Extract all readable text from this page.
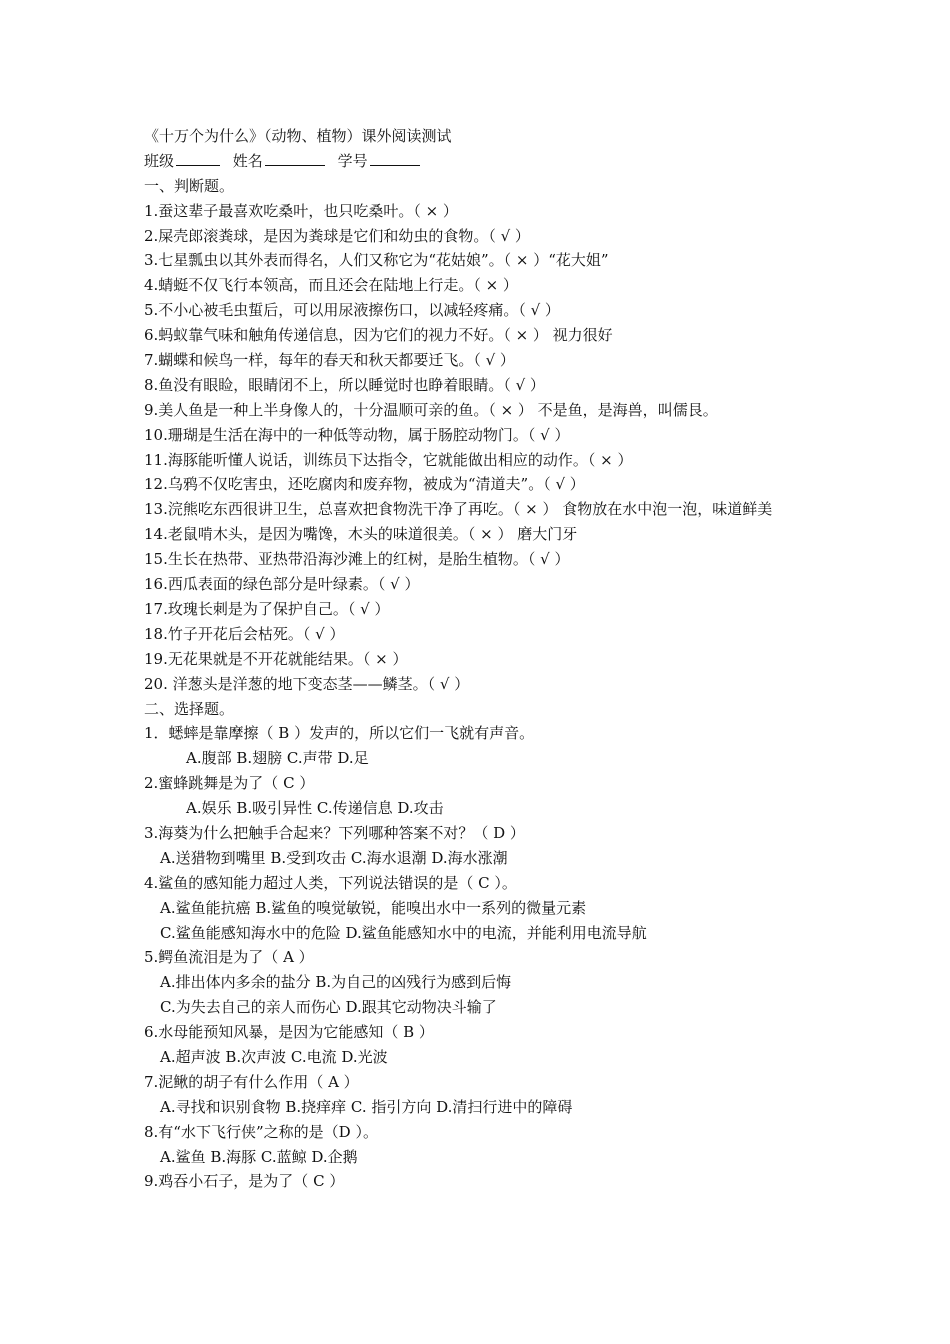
《十万个为什么》（动物、植物）课外阅读测试
班级	姓名	学号
一、判断题。
1.蚕这辈子最喜欢吃桑叶，也只吃桑叶。（ × ）
2.屎壳郎滚粪球，是因为粪球是它们和幼虫的食物。（ √ ）
3.七星瓢虫以其外表而得名，人们又称它为“花姑娘”。（ × ）“花大姐”
4.蜻蜓不仅飞行本领高，而且还会在陆地上行走。（ × ）
5.不小心被毛虫蜇后，可以用尿液擦伤口，以减轻疼痛。（ √ ）
6.蚂蚁靠气味和触角传递信息，因为它们的视力不好。（ × ） 视力很好
7.蝴蝶和候鸟一样，每年的春天和秋天都要迁飞。（ √ ）
8.鱼没有眼睑，眼睛闭不上，所以睡觉时也睁着眼睛。（ √ ）
9.美人鱼是一种上半身像人的，十分温顺可亲的鱼。（ × ） 不是鱼，是海兽，叫儒艮。
10.珊瑚是生活在海中的一种低等动物，属于肠腔动物门。（ √ ）
11.海豚能听懂人说话，训练员下达指令，它就能做出相应的动作。（ × ）
12.乌鸦不仅吃害虫，还吃腐肉和废弃物，被成为“清道夫”。（ √ ）
13.浣熊吃东西很讲卫生，总喜欢把食物洗干净了再吃。（ × ） 食物放在水中泡一泡，味道鲜美
14.老鼠啃木头，是因为嘴馋，木头的味道很美。（ × ） 磨大门牙
15.生长在热带、亚热带沿海沙滩上的红树，是胎生植物。（ √ ）
16.西瓜表面的绿色部分是叶绿素。（ √ ）
17.玫瑰长刺是为了保护自己。（ √ ）
18.竹子开花后会枯死。（ √ ）
19.无花果就是不开花就能结果。（ × ）
20. 洋葱头是洋葱的地下变态茎——鳞茎。（ √ ）
二、选择题。
1．蟋蟀是靠摩擦（ B ）发声的，所以它们一飞就有声音。
A.腹部 B.翅膀 C.声带 D.足
2.蜜蜂跳舞是为了（ C ）
A.娱乐 B.吸引异性 C.传递信息 D.攻击
3.海葵为什么把触手合起来？下列哪种答案不对？（ D ）
A.送猎物到嘴里 B.受到攻击 C.海水退潮 D.海水涨潮
4.鲨鱼的感知能力超过人类，下列说法错误的是（ C ）。
A.鲨鱼能抗癌 B.鲨鱼的嗅觉敏锐，能嗅出水中一系列的微量元素
C.鲨鱼能感知海水中的危险 D.鲨鱼能感知水中的电流，并能利用电流导航
5.鳄鱼流泪是为了（ A ）
A.排出体内多余的盐分 B.为自己的凶残行为感到后悔
C.为失去自己的亲人而伤心 D.跟其它动物决斗输了
6.水母能预知风暴，是因为它能感知（ B ）
A.超声波 B.次声波 C.电流 D.光波
7.泥鳅的胡子有什么作用（ A ）
A.寻找和识别食物 B.挠痒痒 C. 指引方向 D.清扫行进中的障碍
8.有“水下飞行侠”之称的是（D ）。
A.鲨鱼 B.海豚 C.蓝鲸 D.企鹅
9.鸡吞小石子，是为了（ C ）
